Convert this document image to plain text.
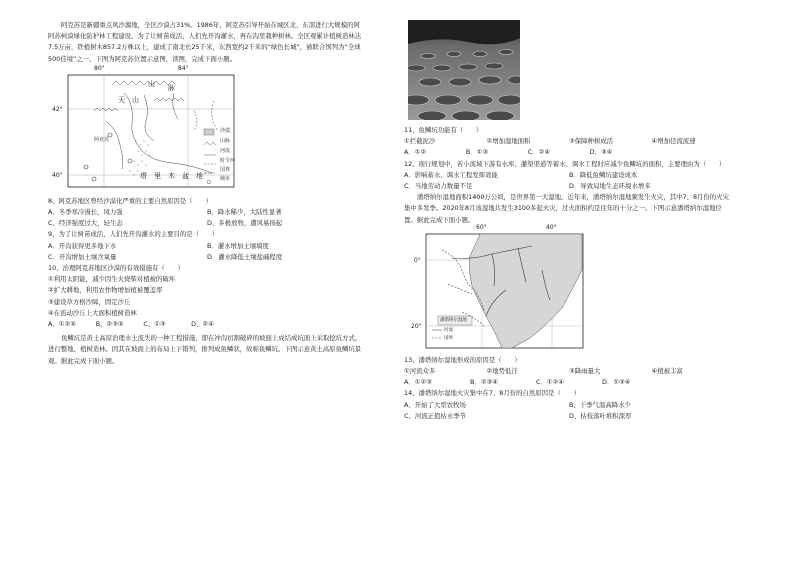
阿克苏是新疆重点风沙源地，全区沙漠占31%。1986年，阿克苏引导开始在城区北、东部进行大规模的阿阿苏柯漠绿化防护林工程建设。为了让树苗成活，人们先开沟灌水，再在沟里栽种树林。全区观累计植树造林达7.5万亩，铁植树木857.2万株以上，建成了南北长25千米，东西宽约2千米的“绿色长城”，被联合国列为“全球500佳境”之一。下图为阿克苏位置示意图，读图，完成下面小题。

80°	84°
42°
40°
天 山
山 脉
阿克苏
塔 里 木 盆 地
沙漠
山脉
河流
时令河
国界
城市

8、阿克苏地区曾经沙漠化严重的主要自然原因是（　　）

A、冬季寒冷漫长，风力强	B、降水稀少，大陆性显著
C、经济强度过大，轻生态	D、多极放牧，遭风易扬起

9、为了让树苗成活，人们先开沟灌水的主要目的是（　　）

A．开沟获得更多地下水	B．灌水增加土壤墒度
C．开沟增加土壤含氧量	D．灌水降低土壤盐碱程度

10、治理阿克苏地区沙漠的有效措施有（　　）

①利用太阳能，减少因生火烧柴对植被的破坏

②扩大耕地，利用农作物增加植被覆盖率

③建设草方格沙障，固定沙丘

④在流动沙丘上大面积植树造林

A、①②⑤	B、②③⑤	C、①③	D、②④

鱼鳞坑是黄土高原治理水土流失的一种工程措施，即在冲沟切割破碎的坡面上成结成坑面上采取挖坑方式，进行整地、植树造林。因其在坡面上的布局上下错列，排列成鱼鳞状，故称鱼鳞坑。下图示意黄土高原鱼鳞坑景观。据此完成下面小题。

11、鱼鳞坑功能有（　　）

①拦截泥沙	②增加湿地面积	③保障种树成活	④增加径流流速
A．①②	B．①③	C．②④	D．③④

12、现行规划中，若小流域下游有水库、灌渠渠道等蓄水、调水工程时应减少鱼鳞坑的面积，主要理由为（　　）

A．影响蓄水、调水工程发挥效能	B．降低鱼鳞坑建设成本
C．当地劳动力数量不足	D．导致局地生态环境水增多

潘塔纳尔湿地面积1400万公顷，是世界第一大湿地。近年来，潘塔纳尔湿地频发生火灾，其中7、8月份的火灾集中多发季。2020年8月该湿地共发生3100多起火灾，过火面积约是往年的十分之一。下图示意潘塔纳尔湿地位置。据此完成下面小题。

60°	40°
0°
20°
潘塔纳尔湿地
河流
国界

13、潘塔纳尔湿地形成的原因是（　　）

①河流众多	②地势低洼	③降雨量大	④植被丰富
A．①②③	B．②③④	C．①②④	D．①③④

14、潘塔纳尔湿地火灾集中在7、8月份的自然原因是（　　）

A、开始了大型农牧场	B、干季气温高降水少
C、河流正值枯水季节	D、枯枝落叶堆积深厚
